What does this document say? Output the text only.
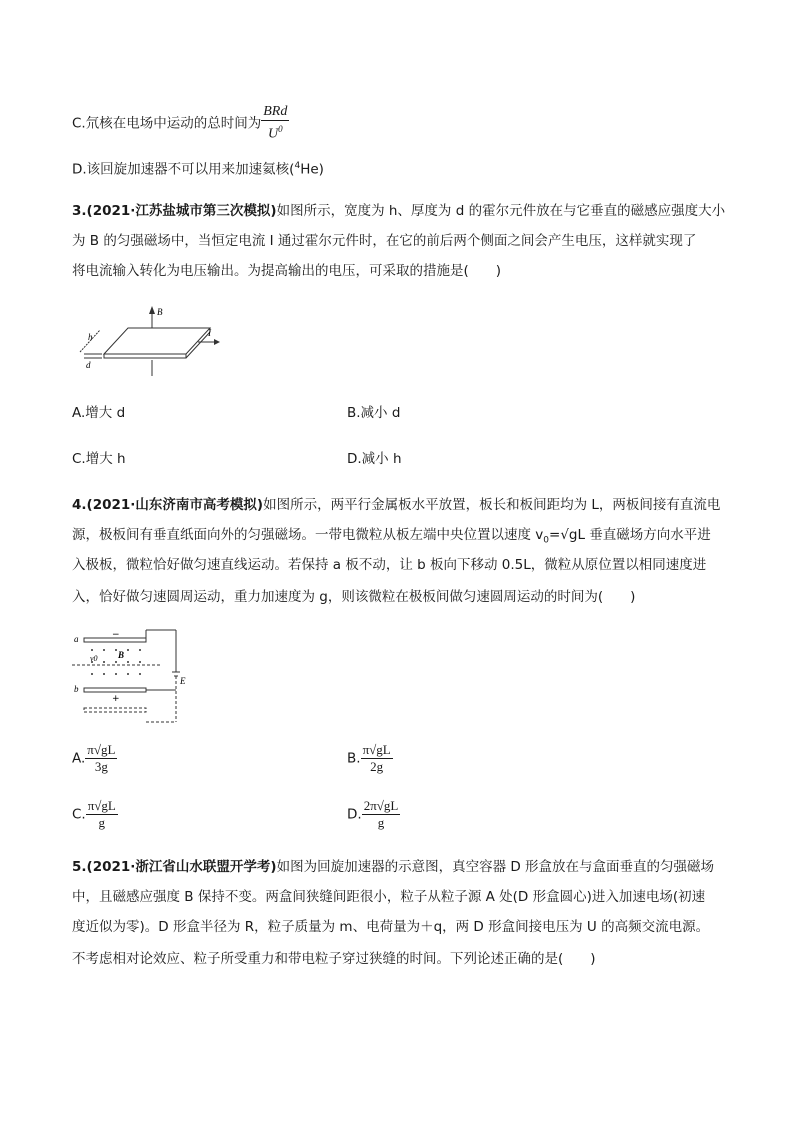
C.氘核在电场中运动的总时间为 $\frac{\text{BRd}}{U^0}$
D.该回旋加速器不可以用来加速氦核($^4$He)
3.(2021·江苏盐城市第三次模拟)如图所示，宽度为 h、厚度为 d 的霍尔元件放在与它垂直的磁感应强度大小
为 B 的匀强磁场中，当恒定电流 I 通过霍尔元件时，在它的前后两个侧面之间会产生电压，这样就实现了
将电流输入转化为电压输出。为提高输出的电压，可采取的措施是(　　)
B
I
h
d
A.增大 d	B.减小 d
C.增大 h	D.减小 h
4.(2021·山东济南市高考模拟)如图所示，两平行金属板水平放置，板长和板间距均为 L，两板间接有直流电
源，极板间有垂直纸面向外的匀强磁场。一带电微粒从板左端中央位置以速度 $v_0=√gL$ 垂直磁场方向水平进
入极板，微粒恰好做匀速直线运动。若保持 a 板不动，让 b 板向下移动 0.5L，微粒从原位置以相同速度进
入，恰好做匀速圆周运动，重力加速度为 g，则该微粒在极板间做匀速圆周运动的时间为(　　)
a	−
B
v0
E
b
+
A. $\frac{\pi√gL}{3g}$	B. $\frac{\pi√gL}{2g}$
C. $\frac{\pi√gL}{g}$	D. $\frac{2\pi√gL}{g}$
5.(2021·浙江省山水联盟开学考)如图为回旋加速器的示意图，真空容器 D 形盒放在与盒面垂直的匀强磁场
中，且磁感应强度 B 保持不变。两盒间狭缝间距很小，粒子从粒子源 A 处(D 形盒圆心)进入加速电场(初速
度近似为零)。D 形盒半径为 R，粒子质量为 m、电荷量为＋q，两 D 形盒间接电压为 U 的高频交流电源。
不考虑相对论效应、粒子所受重力和带电粒子穿过狭缝的时间。下列论述正确的是(　　)
